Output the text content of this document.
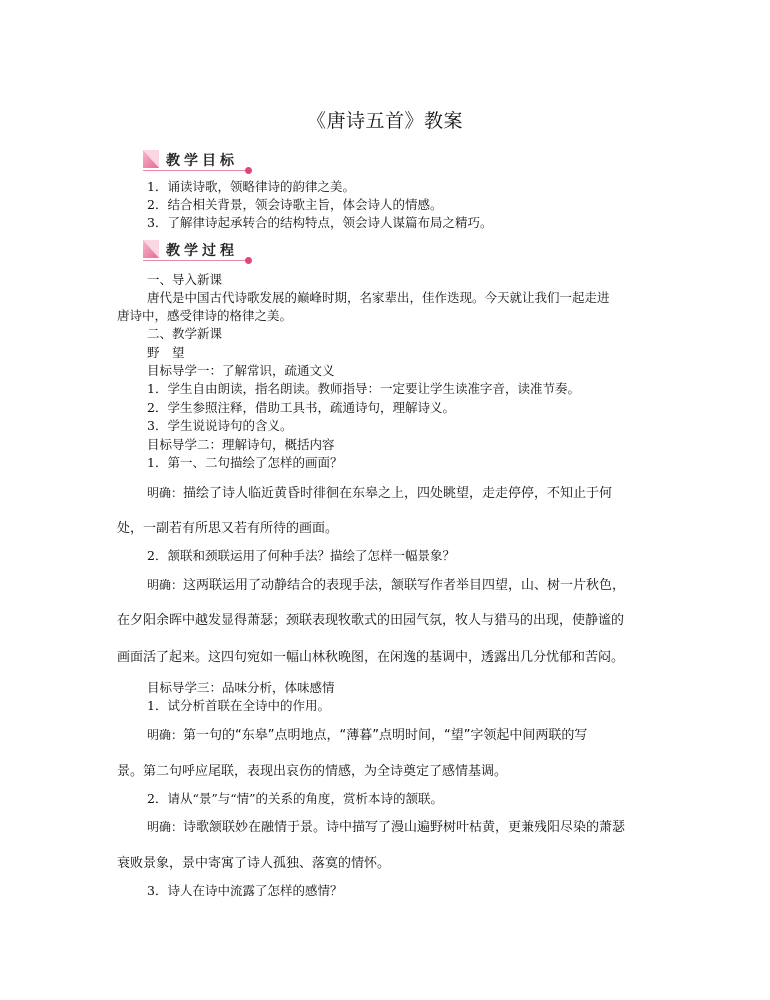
《唐诗五首》教案
教学目标
1．诵读诗歌，领略律诗的韵律之美。
2．结合相关背景，领会诗歌主旨，体会诗人的情感。
3．了解律诗起承转合的结构特点，领会诗人谋篇布局之精巧。
教学过程
一、导入新课
唐代是中国古代诗歌发展的巅峰时期，名家辈出，佳作迭现。今天就让我们一起走进
唐诗中，感受律诗的格律之美。
二、教学新课
野　望
目标导学一：了解常识，疏通文义
1．学生自由朗读，指名朗读。教师指导：一定要让学生读准字音，读准节奏。
2．学生参照注释，借助工具书，疏通诗句，理解诗义。
3．学生说说诗句的含义。
目标导学二：理解诗句，概括内容
1．第一、二句描绘了怎样的画面？
明确：描绘了诗人临近黄昏时徘徊在东皋之上，四处眺望，走走停停，不知止于何
处，一副若有所思又若有所待的画面。
2．颔联和颈联运用了何种手法？描绘了怎样一幅景象？
明确：这两联运用了动静结合的表现手法，颔联写作者举目四望，山、树一片秋色，
在夕阳余晖中越发显得萧瑟；颈联表现牧歌式的田园气氛，牧人与猎马的出现，使静谧的
画面活了起来。这四句宛如一幅山林秋晚图，在闲逸的基调中，透露出几分忧郁和苦闷。
目标导学三：品味分析，体味感情
1．试分析首联在全诗中的作用。
明确：第一句的“东皋”点明地点，“薄暮”点明时间，“望”字领起中间两联的写
景。第二句呼应尾联，表现出哀伤的情感，为全诗奠定了感情基调。
2．请从“景”与“情”的关系的角度，赏析本诗的颔联。
明确：诗歌颔联妙在融情于景。诗中描写了漫山遍野树叶枯黄，更兼残阳尽染的萧瑟
衰败景象，景中寄寓了诗人孤独、落寞的情怀。
3．诗人在诗中流露了怎样的感情？
